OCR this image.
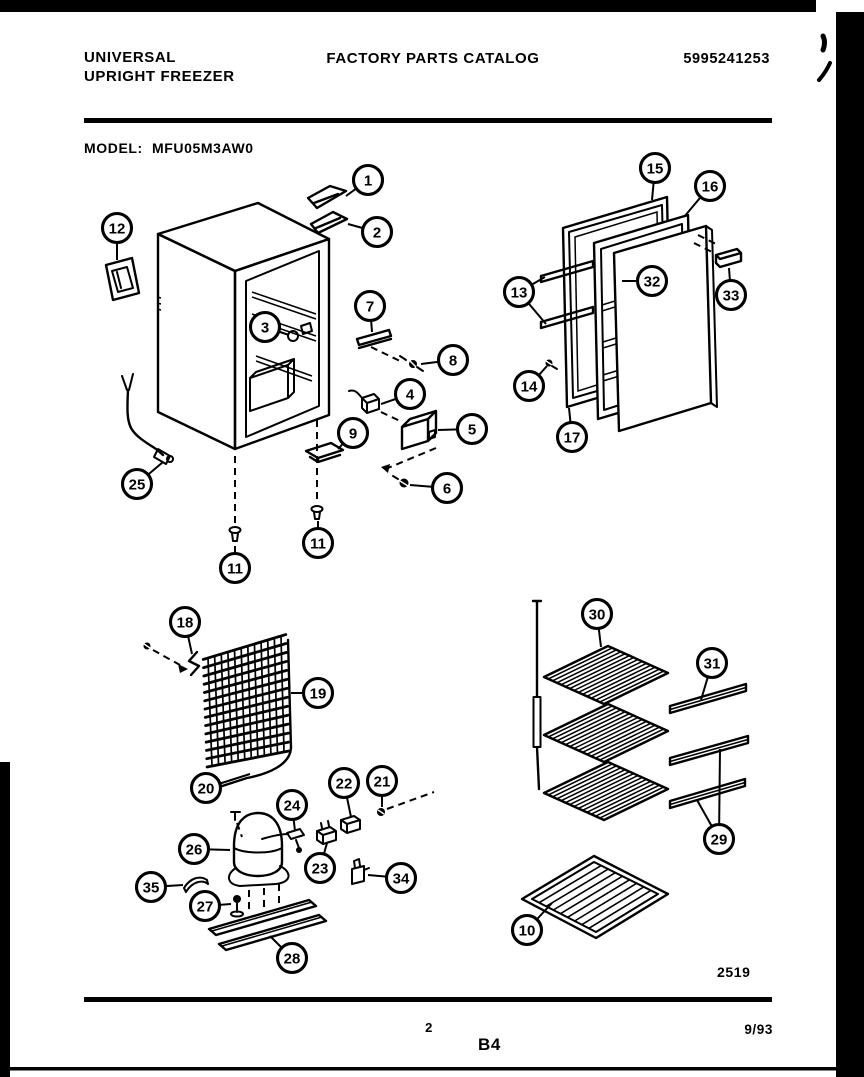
UNIVERSAL
UPRIGHT FREEZER
FACTORY PARTS CATALOG	5995241253
MODEL: MFU05M3AW0
1
2
12
3
7
8
4
5
9
6
25
11
11
15
16
13
32
33
14
17
18
19
20
30
31
29
10
26
24
22 21
23
34
35
27
28
2519
2
B4
9/93
